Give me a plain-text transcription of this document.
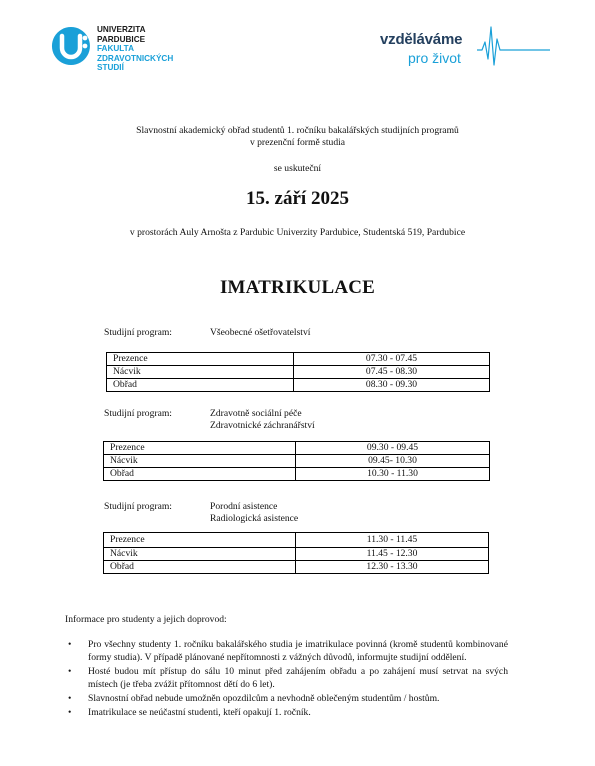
UNIVERZITA
PARDUBICE
FAKULTA
ZDRAVOTNICKÝCH
STUDIÍ
vzděláváme
pro život
Slavnostní akademický obřad studentů 1. ročníku bakalářských studijních programů
v prezenční formě studia
se uskuteční
15. září 2025
v prostorách Auly Arnošta z Pardubic Univerzity Pardubice, Studentská 519, Pardubice
IMATRIKULACE
Studijní program:	Všeobecné ošetřovatelství
Prezence	07.30 - 07.45
Nácvik	07.45 - 08.30
Obřad	08.30 - 09.30
Studijní program:	Zdravotně sociální péče
Zdravotnické záchranářství
Prezence	09.30 - 09.45
Nácvik	09.45- 10.30
Obřad	10.30 - 11.30
Studijní program:	Porodní asistence
Radiologická asistence
Prezence	11.30 - 11.45
Nácvik	11.45 - 12.30
Obřad	12.30 - 13.30
Informace pro studenty a jejich doprovod:
• Pro všechny studenty 1. ročníku bakalářského studia je imatrikulace povinná (kromě studentů kombinované formy studia). V případě plánované nepřítomnosti z vážných důvodů, informujte studijní oddělení.
• Hosté budou mít přístup do sálu 10 minut před zahájením obřadu a po zahájení musí setrvat na svých místech (je třeba zvážit přítomnost dětí do 6 let).
• Slavnostní obřad nebude umožněn opozdilcům a nevhodně oblečeným studentům / hostům.
• Imatrikulace se neúčastní studenti, kteří opakují 1. ročník.
